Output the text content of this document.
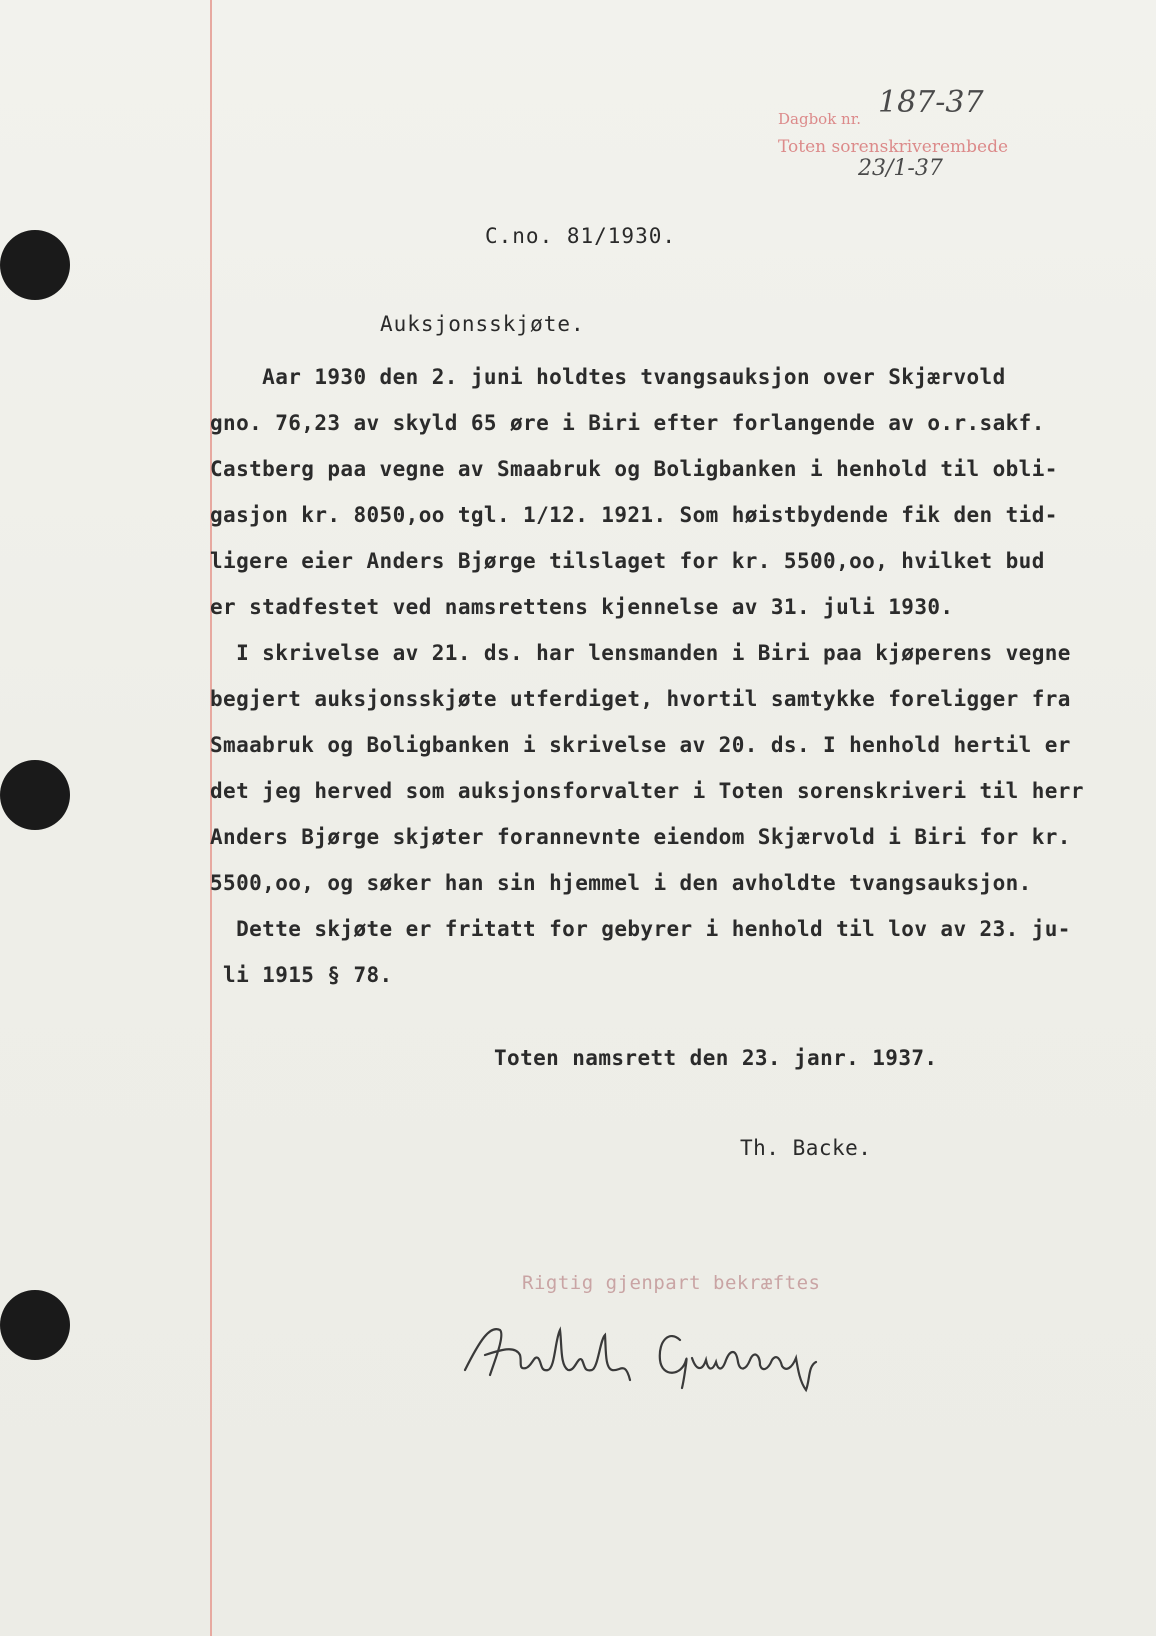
Dagbok nr. 187-37
Toten sorenskriverembede
23/1-37
C.no. 81/1930.
Auksjonsskjøte.
Aar 1930 den 2. juni holdtes tvangsauksjon over Skjærvold
gno. 76,23 av skyld 65 øre i Biri efter forlangende av o.r.sakf.
Castberg paa vegne av Smaabruk og Boligbanken i henhold til obli-
gasjon kr. 8050,oo tgl. 1/12. 1921. Som høistbydende fik den tid-
ligere eier Anders Bjørge tilslaget for kr. 5500,oo, hvilket bud
er stadfestet ved namsrettens kjennelse av 31. juli 1930.
I skrivelse av 21. ds. har lensmanden i Biri paa kjøperens vegne
begjert auksjonsskjøte utferdiget, hvortil samtykke foreligger fra
Smaabruk og Boligbanken i skrivelse av 20. ds. I henhold hertil er
det jeg herved som auksjonsforvalter i Toten sorenskriveri til herr
Anders Bjørge skjøter forannevnte eiendom Skjærvold i Biri for kr.
5500,oo, og søker han sin hjemmel i den avholdte tvangsauksjon.
Dette skjøte er fritatt for gebyrer i henhold til lov av 23. ju-
li 1915 § 78.
Toten namsrett den 23. janr. 1937.
Th. Backe.
Rigtig gjenpart bekræftes
